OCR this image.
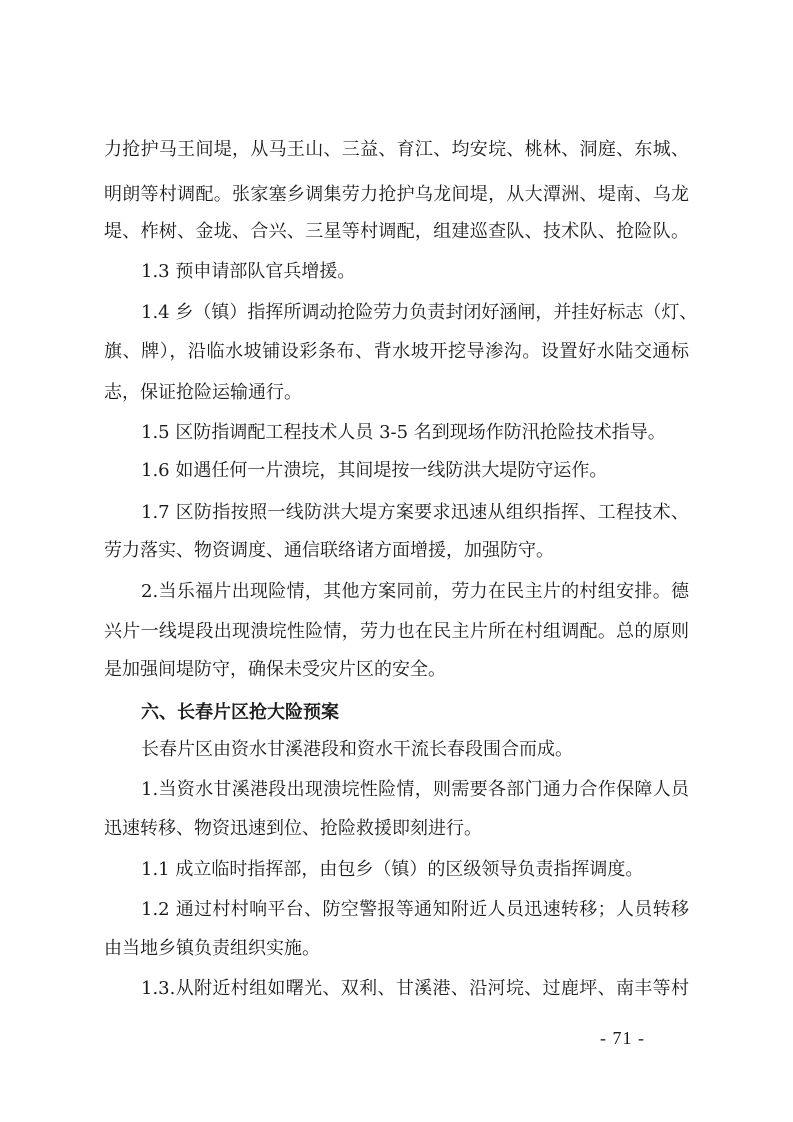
力抢护马王间堤，从马王山、三益、育江、均安垸、桃林、洞庭、东城、
明朗等村调配。张家塞乡调集劳力抢护乌龙间堤，从大潭洲、堤南、乌龙
堤、柞树、金垅、合兴、三星等村调配，组建巡查队、技术队、抢险队。
1.3 预申请部队官兵增援。
1.4 乡（镇）指挥所调动抢险劳力负责封闭好涵闸，并挂好标志（灯、
旗、牌），沿临水坡铺设彩条布、背水坡开挖导渗沟。设置好水陆交通标
志，保证抢险运输通行。
1.5 区防指调配工程技术人员 3-5 名到现场作防汛抢险技术指导。
1.6 如遇任何一片溃垸，其间堤按一线防洪大堤防守运作。
1.7 区防指按照一线防洪大堤方案要求迅速从组织指挥、工程技术、
劳力落实、物资调度、通信联络诸方面增援，加强防守。
2.当乐福片出现险情，其他方案同前，劳力在民主片的村组安排。德
兴片一线堤段出现溃垸性险情，劳力也在民主片所在村组调配。总的原则
是加强间堤防守，确保未受灾片区的安全。
六、长春片区抢大险预案
长春片区由资水甘溪港段和资水干流长春段围合而成。
1.当资水甘溪港段出现溃垸性险情，则需要各部门通力合作保障人员
迅速转移、物资迅速到位、抢险救援即刻进行。
1.1 成立临时指挥部，由包乡（镇）的区级领导负责指挥调度。
1.2 通过村村响平台、防空警报等通知附近人员迅速转移；人员转移
由当地乡镇负责组织实施。
1.3.从附近村组如曙光、双利、甘溪港、沿河垸、过鹿坪、南丰等村
- 71 -
